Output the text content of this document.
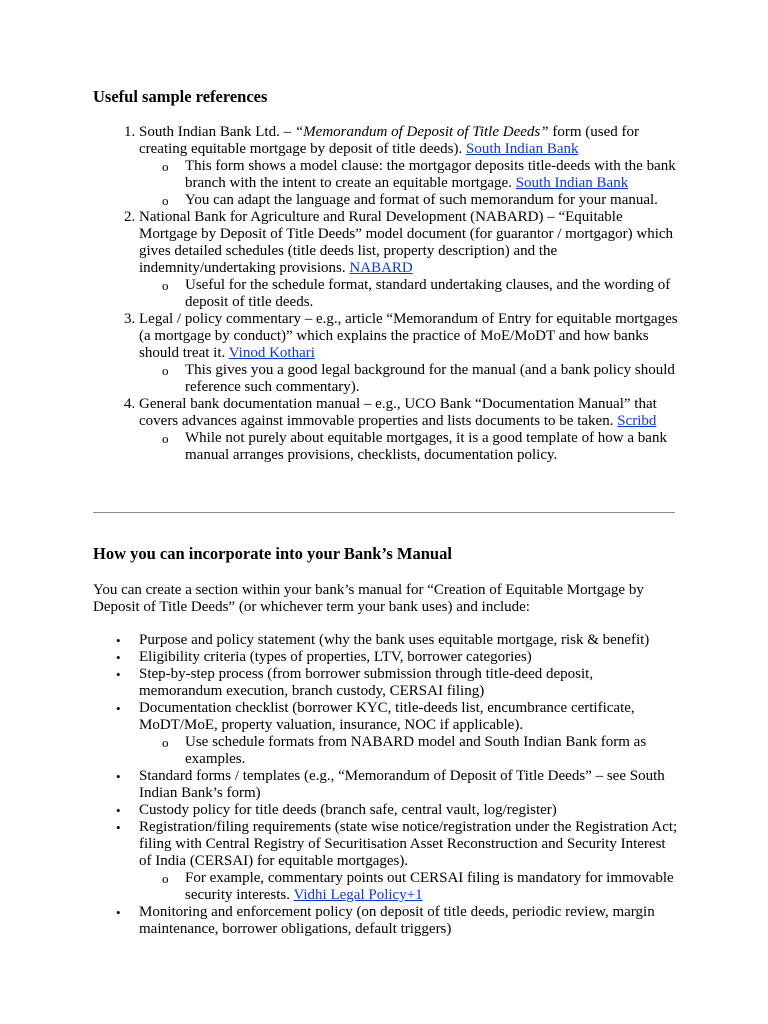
Useful sample references
1. South Indian Bank Ltd. – “Memorandum of Deposit of Title Deeds” form (used for creating equitable mortgage by deposit of title deeds). South Indian Bank
o This form shows a model clause: the mortgagor deposits title-deeds with the bank branch with the intent to create an equitable mortgage. South Indian Bank
o You can adapt the language and format of such memorandum for your manual.
2. National Bank for Agriculture and Rural Development (NABARD) – “Equitable Mortgage by Deposit of Title Deeds” model document (for guarantor / mortgagor) which gives detailed schedules (title deeds list, property description) and the indemnity/undertaking provisions. NABARD
o Useful for the schedule format, standard undertaking clauses, and the wording of deposit of title deeds.
3. Legal / policy commentary – e.g., article “Memorandum of Entry for equitable mortgages (a mortgage by conduct)” which explains the practice of MoE/MoDT and how banks should treat it. Vinod Kothari
o This gives you a good legal background for the manual (and a bank policy should reference such commentary).
4. General bank documentation manual – e.g., UCO Bank “Documentation Manual” that covers advances against immovable properties and lists documents to be taken. Scribd
o While not purely about equitable mortgages, it is a good template of how a bank manual arranges provisions, checklists, documentation policy.
How you can incorporate into your Bank’s Manual

You can create a section within your bank’s manual for “Creation of Equitable Mortgage by Deposit of Title Deeds” (or whichever term your bank uses) and include:

• Purpose and policy statement (why the bank uses equitable mortgage, risk & benefit)
• Eligibility criteria (types of properties, LTV, borrower categories)
• Step-by-step process (from borrower submission through title-deed deposit, memorandum execution, branch custody, CERSAI filing)
• Documentation checklist (borrower KYC, title-deeds list, encumbrance certificate, MoDT/MoE, property valuation, insurance, NOC if applicable).
o Use schedule formats from NABARD model and South Indian Bank form as examples.
• Standard forms / templates (e.g., “Memorandum of Deposit of Title Deeds” – see South Indian Bank’s form)
• Custody policy for title deeds (branch safe, central vault, log/register)
• Registration/filing requirements (state wise notice/registration under the Registration Act; filing with Central Registry of Securitisation Asset Reconstruction and Security Interest of India (CERSAI) for equitable mortgages).
o For example, commentary points out CERSAI filing is mandatory for immovable security interests. Vidhi Legal Policy+1
• Monitoring and enforcement policy (on deposit of title deeds, periodic review, margin maintenance, borrower obligations, default triggers)
